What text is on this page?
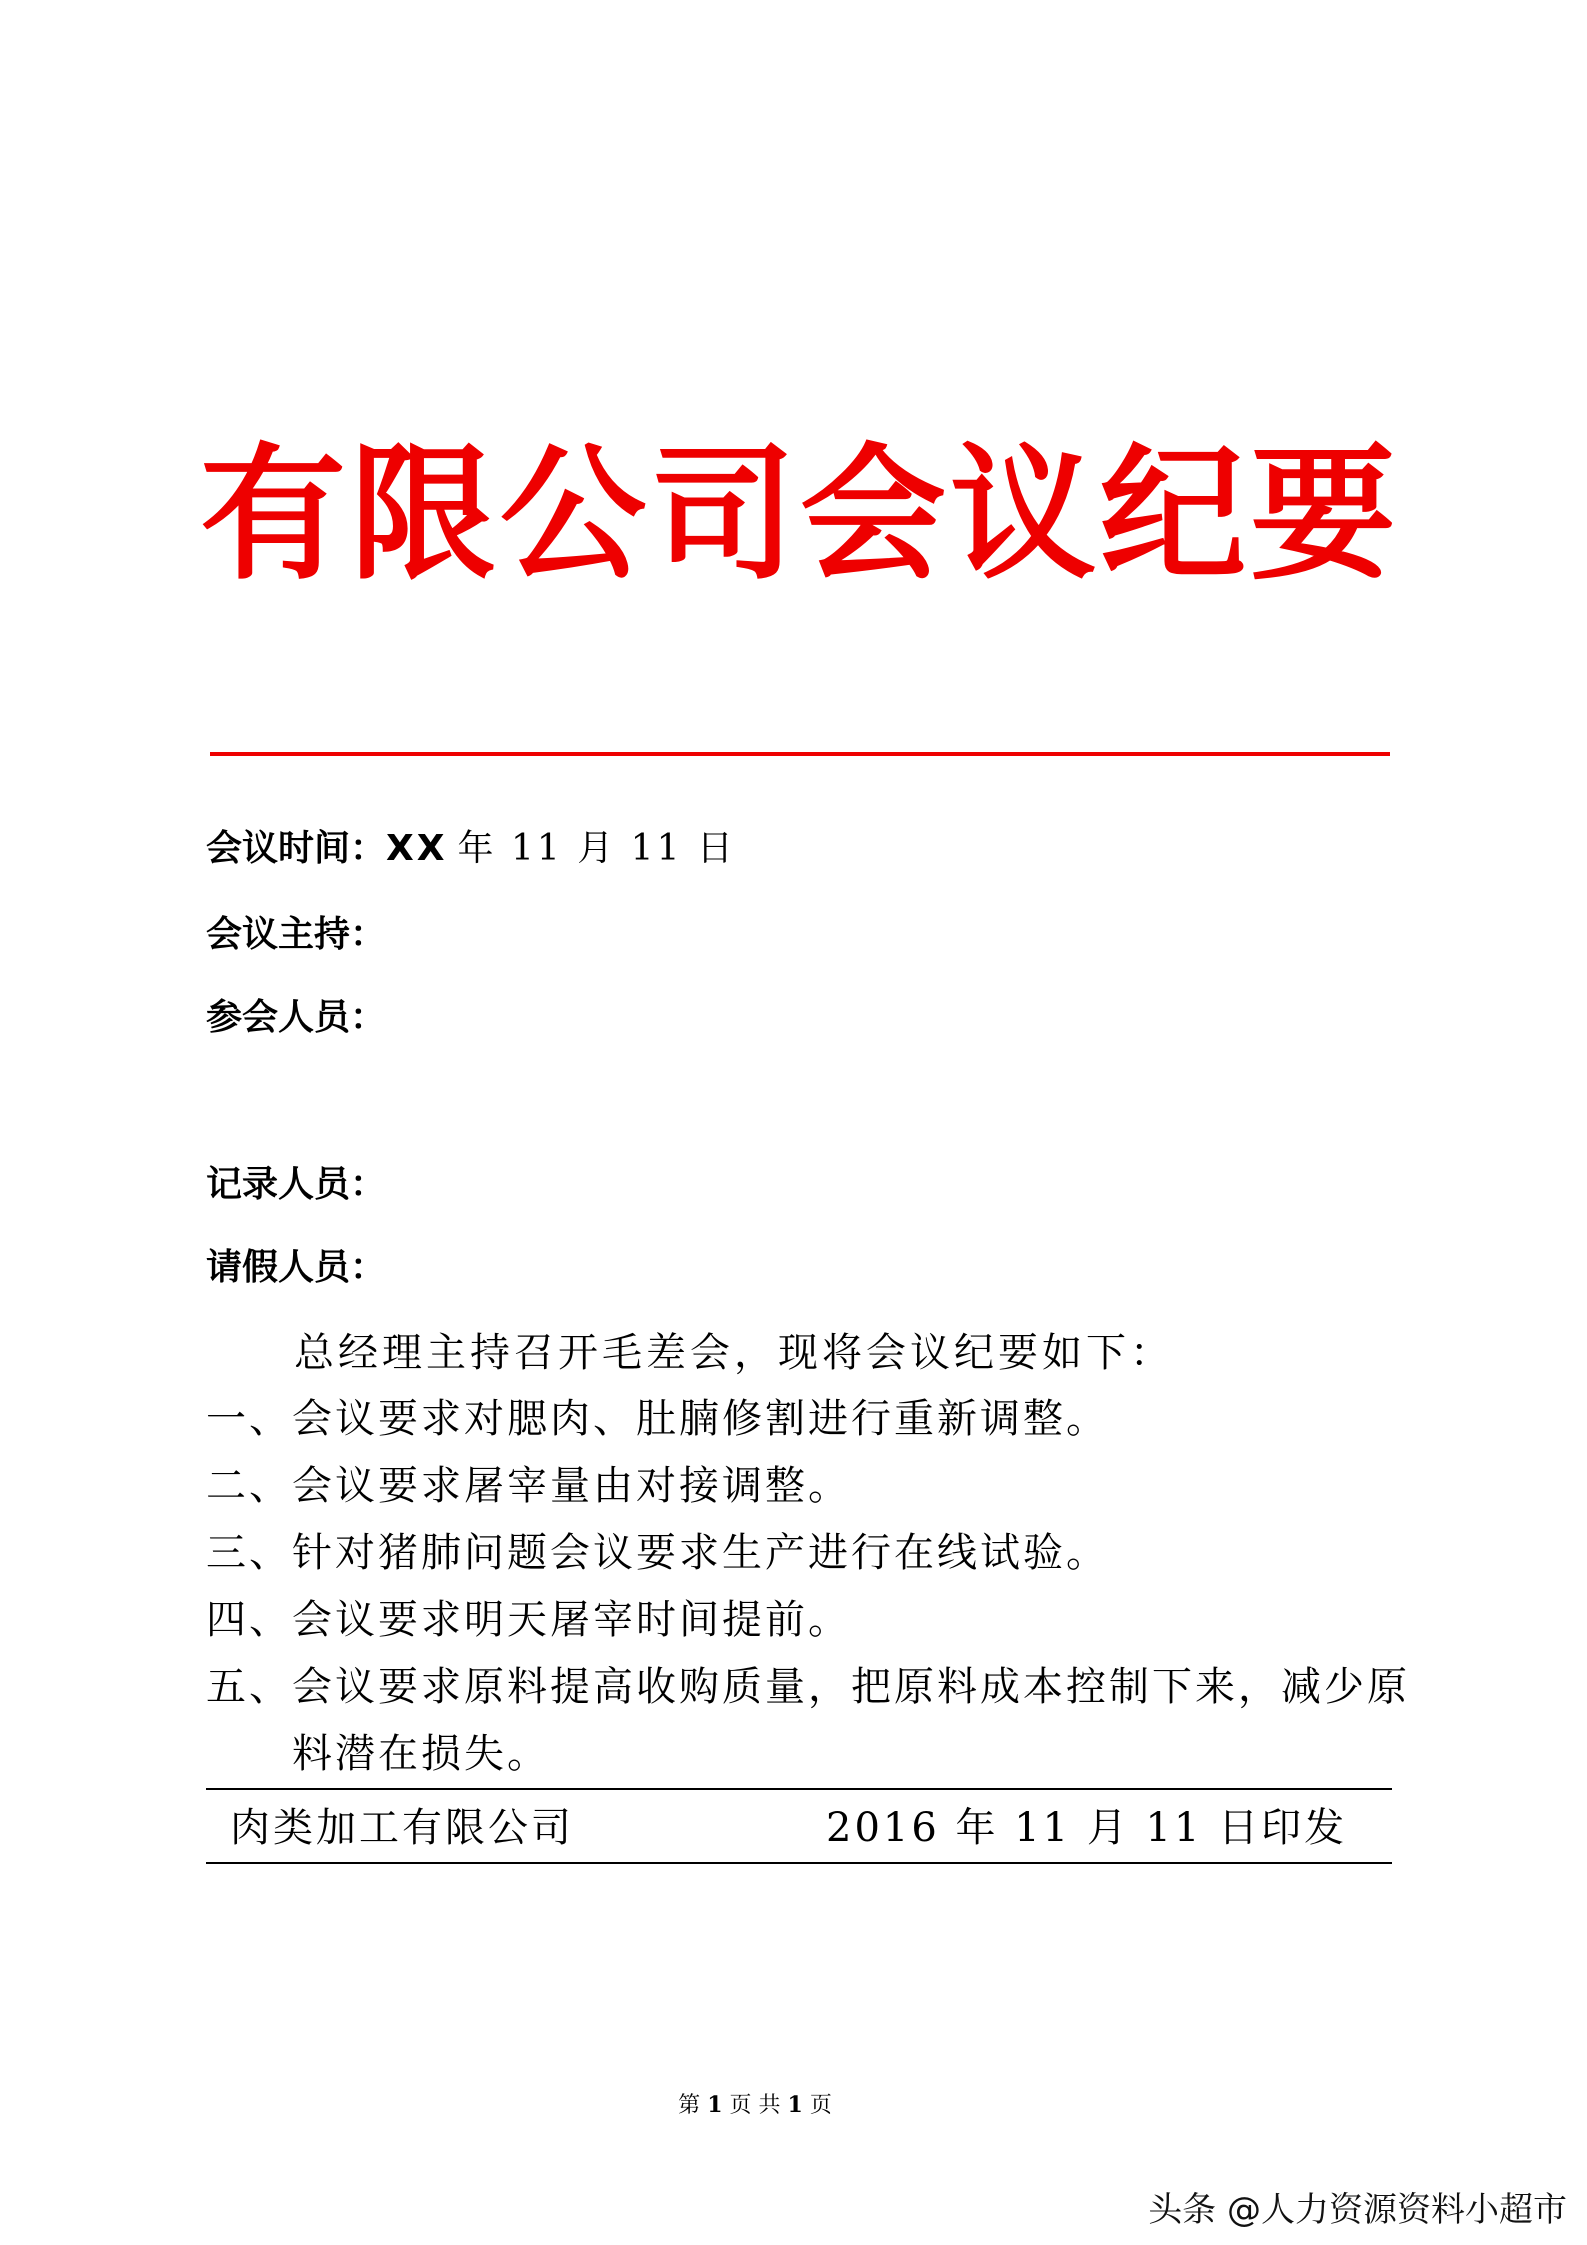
有限公司会议纪要
会议时间：XX 年 11 月 11 日
会议主持：
参会人员：
记录人员：
请假人员：
总经理主持召开毛差会，现将会议纪要如下：
一、会议要求对腮肉、肚腩修割进行重新调整。
二、会议要求屠宰量由对接调整。
三、针对猪肺问题会议要求生产进行在线试验。
四、会议要求明天屠宰时间提前。
五、会议要求原料提高收购质量，把原料成本控制下来，减少原
料潜在损失。
肉类加工有限公司	2016 年 11 月 11 日印发
第 1 页 共 1 页
头条 @人力资源资料小超市
